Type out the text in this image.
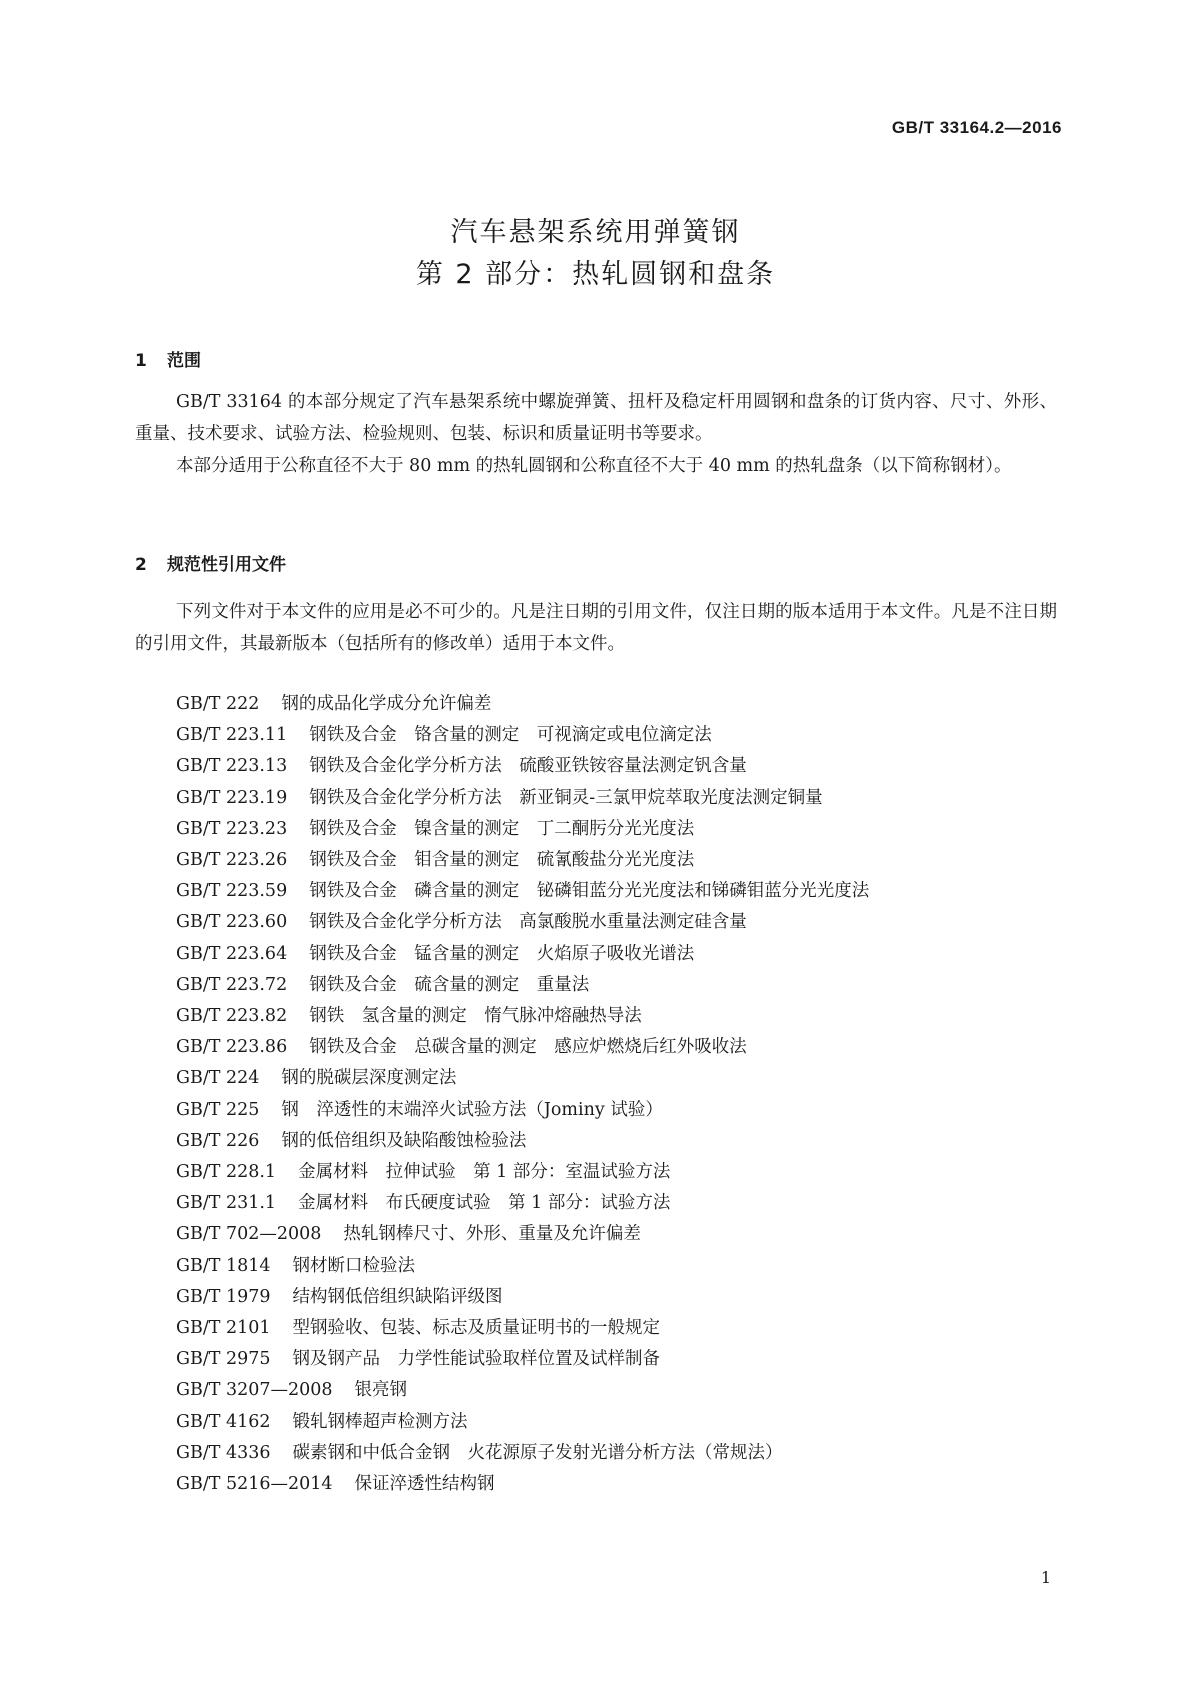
GB/T 33164.2—2016
汽车悬架系统用弹簧钢
第 2 部分：热轧圆钢和盘条
1 范围

GB/T 33164 的本部分规定了汽车悬架系统中螺旋弹簧、扭杆及稳定杆用圆钢和盘条的订货内容、尺寸、外形、重量、技术要求、试验方法、检验规则、包装、标识和质量证明书等要求。

本部分适用于公称直径不大于 80 mm 的热轧圆钢和公称直径不大于 40 mm 的热轧盘条（以下简称钢材）。

2 规范性引用文件

下列文件对于本文件的应用是必不可少的。凡是注日期的引用文件，仅注日期的版本适用于本文件。凡是不注日期的引用文件，其最新版本（包括所有的修改单）适用于本文件。

GB/T 222 钢的成品化学成分允许偏差
GB/T 223.11 钢铁及合金　铬含量的测定　可视滴定或电位滴定法
GB/T 223.13 钢铁及合金化学分析方法　硫酸亚铁铵容量法测定钒含量
GB/T 223.19 钢铁及合金化学分析方法　新亚铜灵-三氯甲烷萃取光度法测定铜量
GB/T 223.23 钢铁及合金　镍含量的测定　丁二酮肟分光光度法
GB/T 223.26 钢铁及合金　钼含量的测定　硫氰酸盐分光光度法
GB/T 223.59 钢铁及合金　磷含量的测定　铋磷钼蓝分光光度法和锑磷钼蓝分光光度法
GB/T 223.60 钢铁及合金化学分析方法　高氯酸脱水重量法测定硅含量
GB/T 223.64 钢铁及合金　锰含量的测定　火焰原子吸收光谱法
GB/T 223.72 钢铁及合金　硫含量的测定　重量法
GB/T 223.82 钢铁　氢含量的测定　惰气脉冲熔融热导法
GB/T 223.86 钢铁及合金　总碳含量的测定　感应炉燃烧后红外吸收法
GB/T 224 钢的脱碳层深度测定法
GB/T 225 钢　淬透性的末端淬火试验方法（Jominy 试验）
GB/T 226 钢的低倍组织及缺陷酸蚀检验法
GB/T 228.1 金属材料　拉伸试验　第 1 部分：室温试验方法
GB/T 231.1 金属材料　布氏硬度试验　第 1 部分：试验方法
GB/T 702—2008 热轧钢棒尺寸、外形、重量及允许偏差
GB/T 1814 钢材断口检验法
GB/T 1979 结构钢低倍组织缺陷评级图
GB/T 2101 型钢验收、包装、标志及质量证明书的一般规定
GB/T 2975 钢及钢产品　力学性能试验取样位置及试样制备
GB/T 3207—2008 银亮钢
GB/T 4162 锻轧钢棒超声检测方法
GB/T 4336 碳素钢和中低合金钢　火花源原子发射光谱分析方法（常规法）
GB/T 5216—2014 保证淬透性结构钢
1
